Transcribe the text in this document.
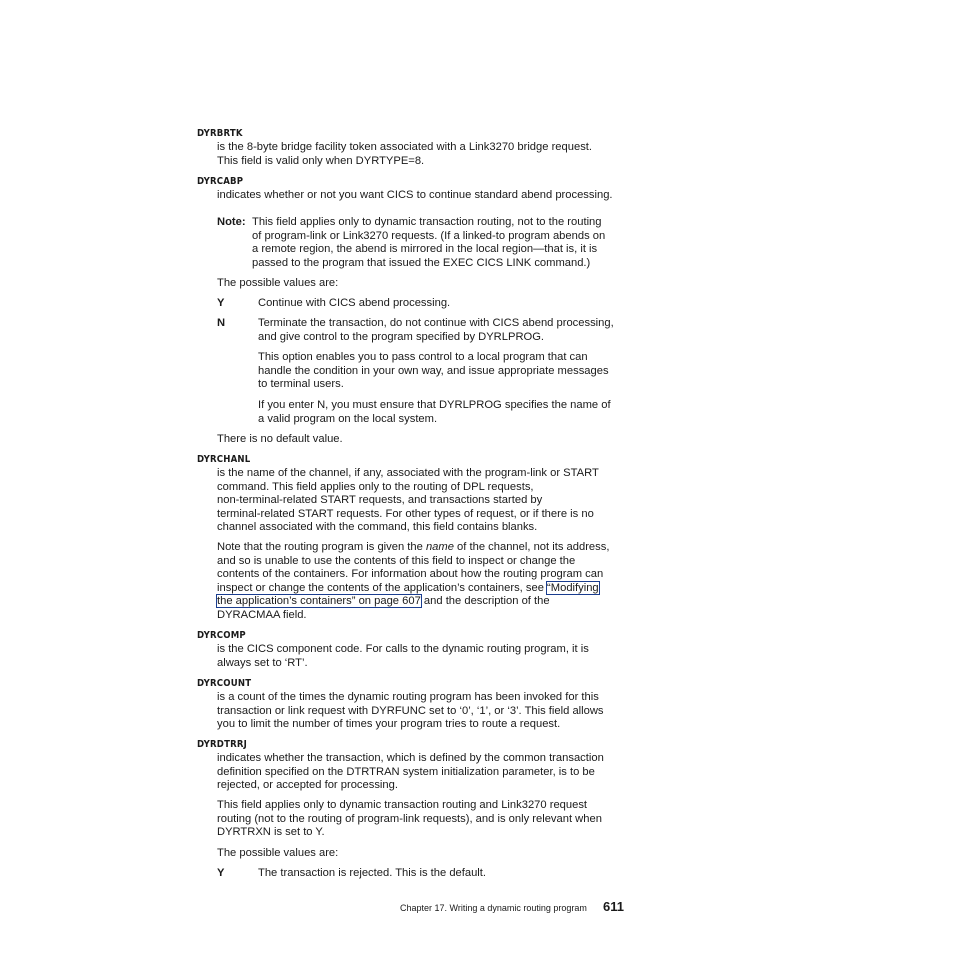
DYRBRTK
is the 8-byte bridge facility token associated with a Link3270 bridge request.
This field is valid only when DYRTYPE=8.
DYRCABP
indicates whether or not you want CICS to continue standard abend processing.
Note: This field applies only to dynamic transaction routing, not to the routing
of program-link or Link3270 requests. (If a linked-to program abends on
a remote region, the abend is mirrored in the local region—that is, it is
passed to the program that issued the EXEC CICS LINK command.)
The possible values are:
Y	Continue with CICS abend processing.
N	Terminate the transaction, do not continue with CICS abend processing,
and give control to the program specified by DYRLPROG.
This option enables you to pass control to a local program that can
handle the condition in your own way, and issue appropriate messages
to terminal users.
If you enter N, you must ensure that DYRLPROG specifies the name of
a valid program on the local system.
There is no default value.
DYRCHANL
is the name of the channel, if any, associated with the program-link or START
command. This field applies only to the routing of DPL requests,
non-terminal-related START requests, and transactions started by
terminal-related START requests. For other types of request, or if there is no
channel associated with the command, this field contains blanks.
Note that the routing program is given the name of the channel, not its address,
and so is unable to use the contents of this field to inspect or change the
contents of the containers. For information about how the routing program can
inspect or change the contents of the application’s containers, see “Modifying
the application’s containers” on page 607 and the description of the
DYRACMAA field.
DYRCOMP
is the CICS component code. For calls to the dynamic routing program, it is
always set to ‘RT’.
DYRCOUNT
is a count of the times the dynamic routing program has been invoked for this
transaction or link request with DYRFUNC set to ‘0’, ‘1’, or ‘3’. This field allows
you to limit the number of times your program tries to route a request.
DYRDTRRJ
indicates whether the transaction, which is defined by the common transaction
definition specified on the DTRTRAN system initialization parameter, is to be
rejected, or accepted for processing.
This field applies only to dynamic transaction routing and Link3270 request
routing (not to the routing of program-link requests), and is only relevant when
DYRTRXN is set to Y.
The possible values are:
Y	The transaction is rejected. This is the default.
Chapter 17. Writing a dynamic routing program	611
